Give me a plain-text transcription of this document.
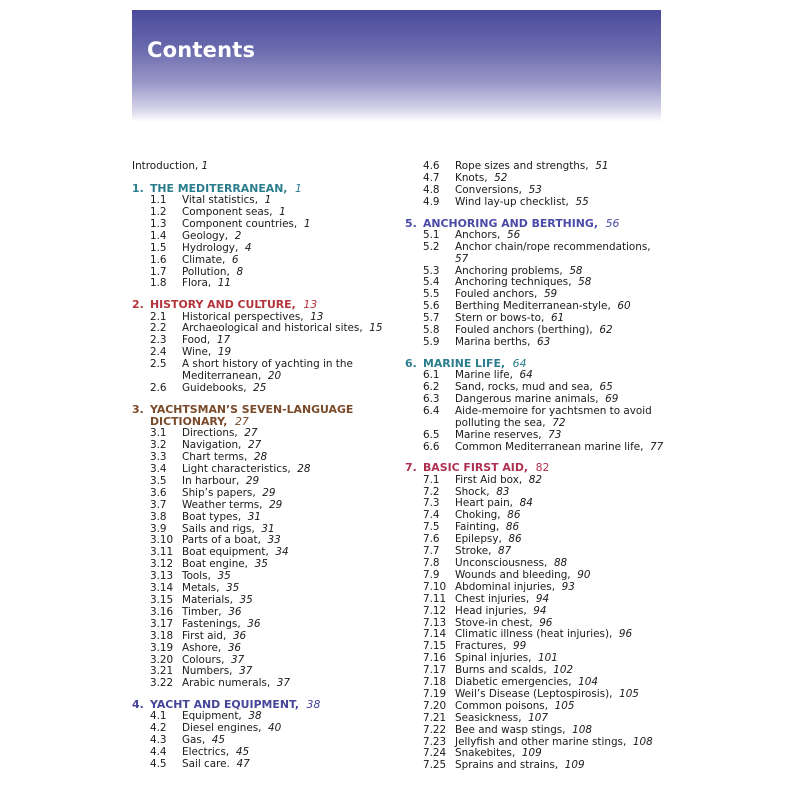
Contents
Introduction, 1
1. THE MEDITERRANEAN, 1
1.1	Vital statistics, 1
1.2	Component seas, 1
1.3	Component countries, 1
1.4	Geology, 2
1.5	Hydrology, 4
1.6	Climate, 6
1.7	Pollution, 8
1.8	Flora, 11
2. HISTORY AND CULTURE, 13
2.1	Historical perspectives, 13
2.2	Archaeological and historical sites, 15
2.3	Food, 17
2.4	Wine, 19
2.5	A short history of yachting in the Mediterranean, 20
2.6	Guidebooks, 25
3. YACHTSMAN’S SEVEN-LANGUAGE DICTIONARY, 27
3.1	Directions, 27
3.2	Navigation, 27
3.3	Chart terms, 28
3.4	Light characteristics, 28
3.5	In harbour, 29
3.6	Ship’s papers, 29
3.7	Weather terms, 29
3.8	Boat types, 31
3.9	Sails and rigs, 31
3.10 Parts of a boat, 33
3.11 Boat equipment, 34
3.12 Boat engine, 35
3.13 Tools, 35
3.14 Metals, 35
3.15 Materials, 35
3.16 Timber, 36
3.17 Fastenings, 36
3.18 First aid, 36
3.19 Ashore, 36
3.20 Colours, 37
3.21 Numbers, 37
3.22 Arabic numerals, 37
4. YACHT AND EQUIPMENT, 38
4.1	Equipment, 38
4.2	Diesel engines, 40
4.3	Gas, 45
4.4	Electrics, 45
4.5	Sail care. 47
4.6	Rope sizes and strengths, 51
4.7	Knots, 52
4.8	Conversions, 53
4.9	Wind lay-up checklist, 55
5. ANCHORING AND BERTHING, 56
5.1	Anchors, 56
5.2	Anchor chain/rope recommendations,  57
5.3	Anchoring problems, 58
5.4	Anchoring techniques, 58
5.5	Fouled anchors, 59
5.6	Berthing Mediterranean-style, 60
5.7	Stern or bows-to, 61
5.8	Fouled anchors (berthing), 62
5.9	Marina berths, 63
6. MARINE LIFE, 64
6.1	Marine life, 64
6.2	Sand, rocks, mud and sea, 65
6.3	Dangerous marine animals, 69
6.4	Aide-memoire for yachtsmen to avoid polluting the sea, 72
6.5	Marine reserves, 73
6.6	Common Mediterranean marine life, 77
7. BASIC FIRST AID, 82
7.1	First Aid box, 82
7.2	Shock, 83
7.3	Heart pain, 84
7.4	Choking, 86
7.5	Fainting, 86
7.6	Epilepsy, 86
7.7	Stroke, 87
7.8	Unconsciousness, 88
7.9	Wounds and bleeding, 90
7.10 Abdominal injuries, 93
7.11 Chest injuries, 94
7.12 Head injuries, 94
7.13 Stove-in chest, 96
7.14 Climatic illness (heat injuries), 96
7.15 Fractures, 99
7.16 Spinal injuries, 101
7.17 Burns and scalds, 102
7.18 Diabetic emergencies, 104
7.19 Weil’s Disease (Leptospirosis), 105
7.20 Common poisons, 105
7.21 Seasickness, 107
7.22 Bee and wasp stings, 108
7.23 Jellyfish and other marine stings, 108
7.24 Snakebites, 109
7.25 Sprains and strains, 109
